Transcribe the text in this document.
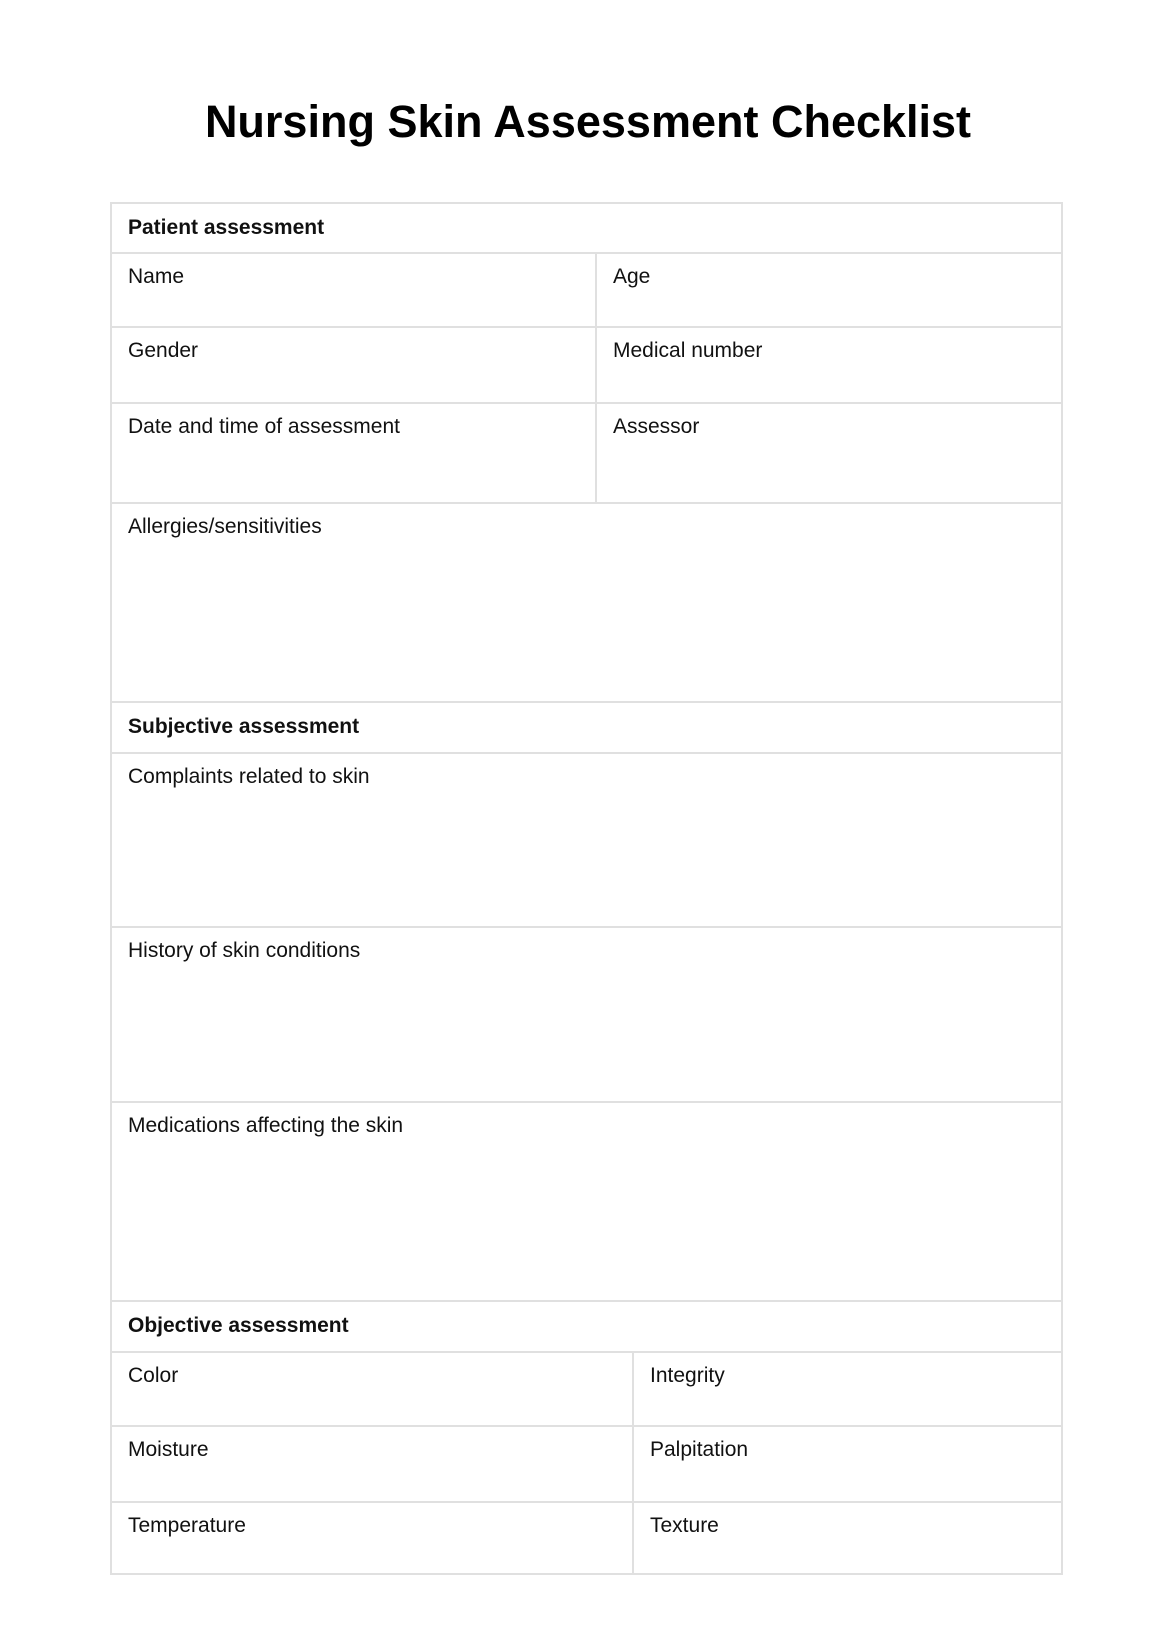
Nursing Skin Assessment Checklist
Patient assessment
Name	Age
Gender	Medical number
Date and time of assessment	Assessor
Allergies/sensitivities
Subjective assessment
Complaints related to skin
History of skin conditions
Medications affecting the skin
Objective assessment
Color	Integrity
Moisture	Palpitation
Temperature	Texture
